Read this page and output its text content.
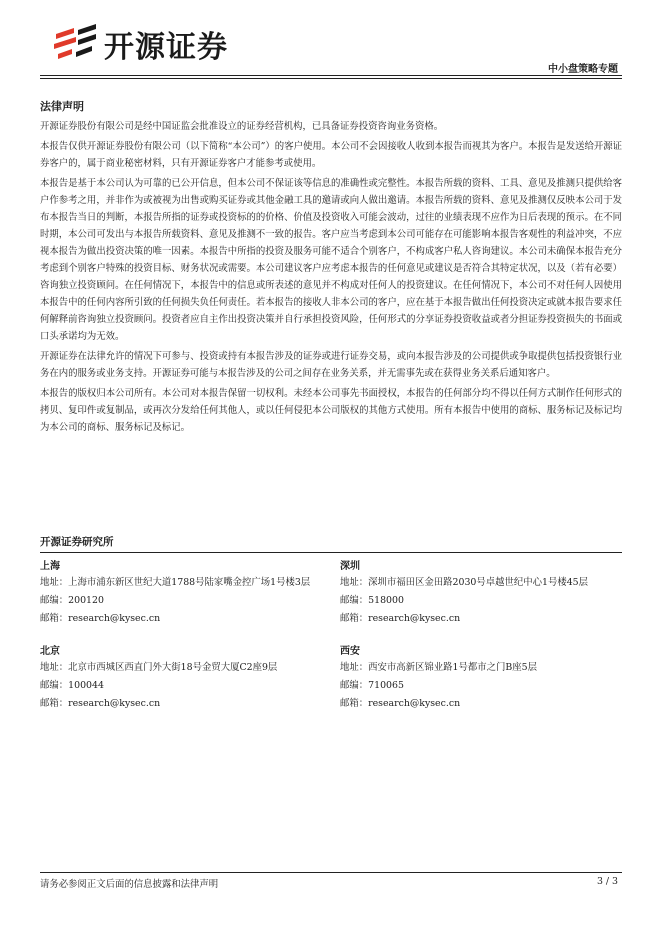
开源证券
中小盘策略专题
法律声明

开源证券股份有限公司是经中国证监会批准设立的证券经营机构，已具备证券投资咨询业务资格。

本报告仅供开源证券股份有限公司（以下简称“本公司”）的客户使用。本公司不会因接收人收到本报告而视其为客户。本报告是发送给开源证券客户的，属于商业秘密材料，只有开源证券客户才能参考或使用。

本报告是基于本公司认为可靠的已公开信息，但本公司不保证该等信息的准确性或完整性。本报告所载的资料、工具、意见及推测只提供给客户作参考之用，并非作为或被视为出售或购买证券或其他金融工具的邀请或向人做出邀请。本报告所载的资料、意见及推测仅反映本公司于发布本报告当日的判断，本报告所指的证券或投资标的的价格、价值及投资收入可能会波动，过往的业绩表现不应作为日后表现的预示。在不同时期，本公司可发出与本报告所载资料、意见及推测不一致的报告。客户应当考虑到本公司可能存在可能影响本报告客观性的利益冲突，不应视本报告为做出投资决策的唯一因素。本报告中所指的投资及服务可能不适合个别客户，不构成客户私人咨询建议。本公司未确保本报告充分考虑到个别客户特殊的投资目标、财务状况或需要。本公司建议客户应考虑本报告的任何意见或建议是否符合其特定状况，以及（若有必要）咨询独立投资顾问。在任何情况下，本报告中的信息或所表述的意见并不构成对任何人的投资建议。在任何情况下，本公司不对任何人因使用本报告中的任何内容所引致的任何损失负任何责任。若本报告的接收人非本公司的客户，应在基于本报告做出任何投资决定或就本报告要求任何解释前咨询独立投资顾问。投资者应自主作出投资决策并自行承担投资风险，任何形式的分享证券投资收益或者分担证券投资损失的书面或口头承诺均为无效。

开源证券在法律允许的情况下可参与、投资或持有本报告涉及的证券或进行证券交易，或向本报告涉及的公司提供或争取提供包括投资银行业务在内的服务或业务支持。开源证券可能与本报告涉及的公司之间存在业务关系，并无需事先或在获得业务关系后通知客户。

本报告的版权归本公司所有。本公司对本报告保留一切权利。未经本公司事先书面授权，本报告的任何部分均不得以任何方式制作任何形式的拷贝、复印件或复制品，或再次分发给任何其他人，或以任何侵犯本公司版权的其他方式使用。所有本报告中使用的商标、服务标记及标记均为本公司的商标、服务标记及标记。

开源证券研究所
上海
地址： 上海市浦东新区世纪大道1788号陆家嘴金控广场1号楼3层
邮编： 200120
邮箱： research@kysec.cn
深圳
地址： 深圳市福田区金田路2030号卓越世纪中心1号楼45层
邮编： 518000
邮箱： research@kysec.cn
北京
地址： 北京市西城区西直门外大街18号金贸大厦C2座9层
邮编： 100044
邮箱： research@kysec.cn
西安
地址： 西安市高新区锦业路1号都市之门B座5层
邮编： 710065
邮箱： research@kysec.cn
请务必参阅正文后面的信息披露和法律声明	3 / 3
